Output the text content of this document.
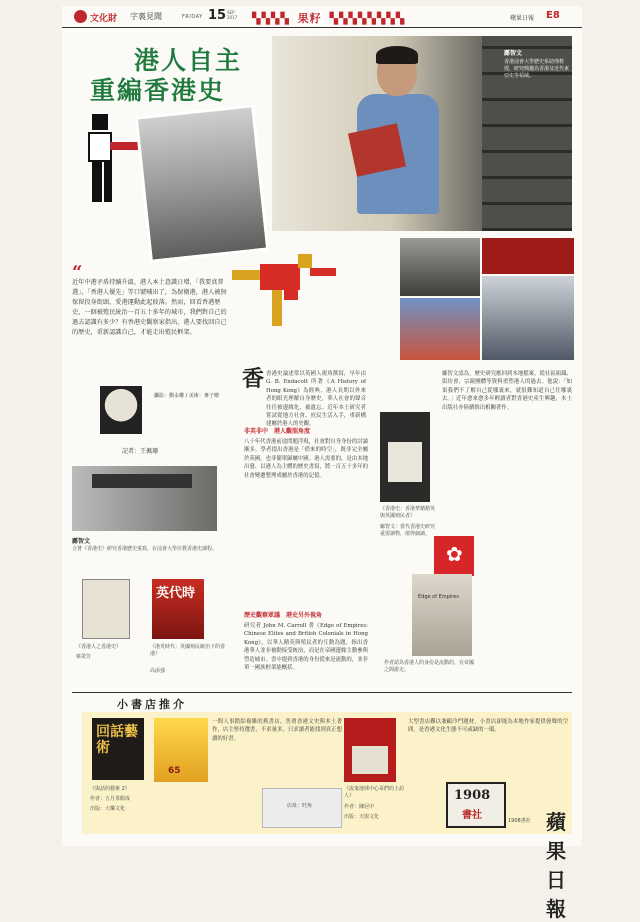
文化財 字裏見聞	FRIDAY 15 SEP 2017 ▚▚▚▚ 果籽 ▚▚▚▚▚▚▚▚	蘋果日報 E8
鄺智文
香港浸會大學歷史系助理教授，研究興趣為香港及近代東亞史等領域。
港人自主
重編香港史
“
近年中港矛盾持續升溫，港人本土意識日增，「我要真普選」、「香港人優先」等口號喊出了，為保衛港，港人被無保留投身街頭，愛港運動此起彼落。然而，回看香港歷史，一個被殖民統治一百五十多年的城市，我們對自己的過去認識有多少？有香港史觀察家指出，港人要找回自己的歷史，重新認識自己，才能走出殖民框架。
攝影：劉永權 / 美術：麥子珊
記者：王佩珊
鄺智文
合著《香港史》研究香港歷史重寫，在浸會大學任教香港史課程。
《香港人之香港史》
蔡榮芳
英代時
《港英時代：英國殖民統治下的香港》
高添強
香 香港史論述常以英國人視角撰寫，早年由 G. B. Endacott 所著《A History of Hong Kong》為經典，港人長期以外來者的眼光理解自身歷史，華人社會的聲音往往被邊緣化，被遺忘。近年本土研究者嘗試從地方社會、庶民生活入手，重新構建屬於港人的史觀。
非英非中　港人觀照角度
八十年代香港前途問題浮現，社會對自身身份的討論漸多。學者提出香港是「借來的時空」，既非完全屬於英國，也非簡單歸屬中國。港人需要的，是由本地出發、以港人為主體的歷史書寫，將一百五十多年的社會變遷整理成屬於香港的記憶。
歷史觀察眾議　港史另外視角
研究者 John M. Carroll 著《Edge of Empires: Chinese Elites and British Colonials in Hong Kong》，以華人精英與殖民者的互動為題，指出香港華人並非被動接受統治，而是在帝國邊緣主動參與塑造城市。書中提到香港的身份從來是流動的，並非單一國族框架能概括。
鄺智文認為，歷史研究應回到本地檔案，從社區組織、街坊會、宗親團體等資料重塑港人的過去。他說：「如果我們不了解自己從哪裏來，就很難知道自己往哪裏去。」近年愈來愈多年輕讀者對香港史產生興趣，本土出版社亦陸續推出相關著作。
《香港史：香港華籍精英與英國殖民者》
鄺智文：當代香港史研究重要讀物，值得細讀。
✿
Edge of Empires
作者認為香港人的身份是流動的，在帝國之間游走。
小書店推介
回話藝術
《與話的藝術 2》
作者：五月茶館成
出版：大樂文化
65
一間人事錯綜複雜的舊書店，售賣香港文史與本土著作，店主堅持選書，不求量多，只求讀者能找到真正想讀的好書。
店址：旺角
《流鬼地球中心哥們的上訪人》
作者：陳冠中
出版：天窗文化
大型書店難以兼顧冷門題材，小書店卻能為本地作家提供發聲的空間，是香港文化生態不可或缺的一環。
1908
書社	1908書社 蘋果日報
